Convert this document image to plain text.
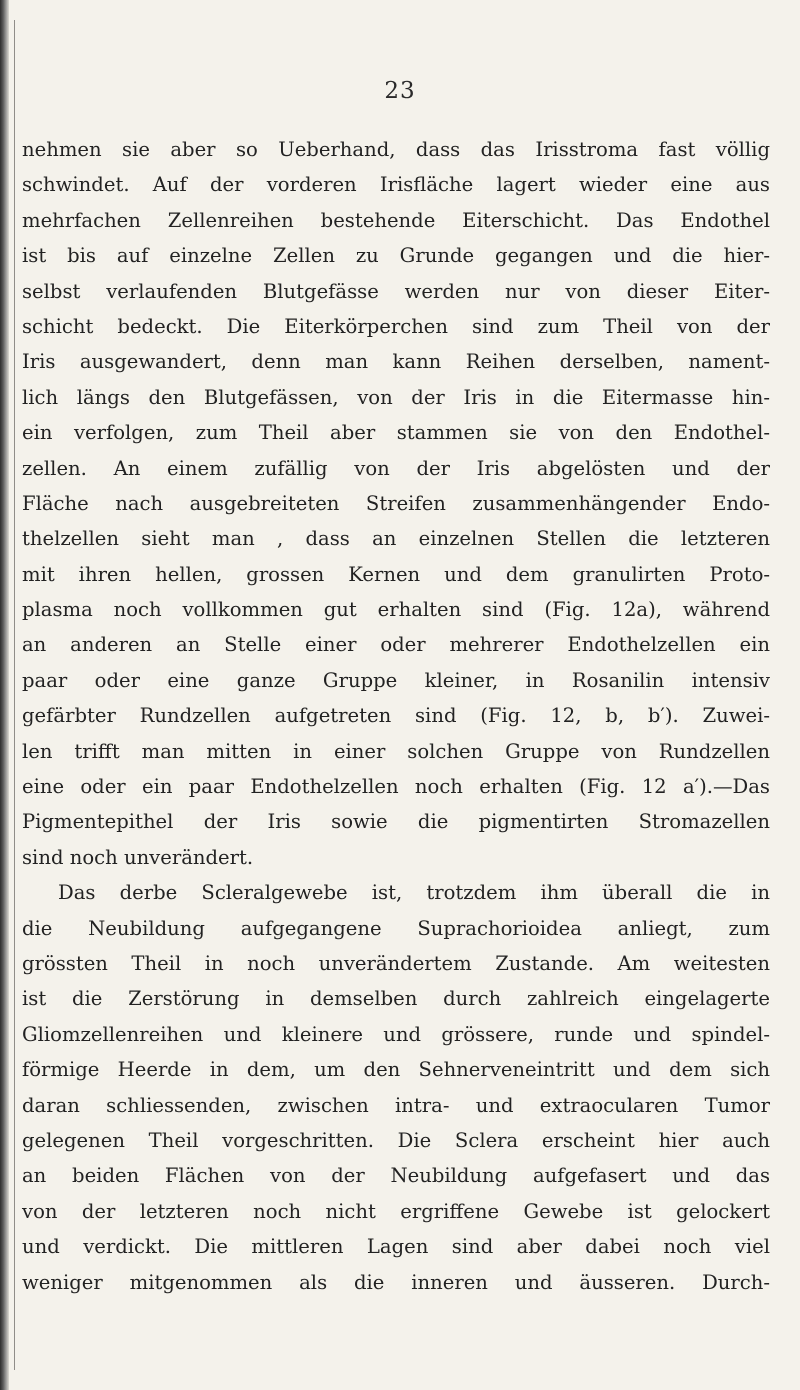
23
nehmen sie aber so Ueberhand, dass das Irisstroma fast völlig
schwindet. Auf der vorderen Irisfläche lagert wieder eine aus
mehrfachen Zellenreihen bestehende Eiterschicht. Das Endothel
ist bis auf einzelne Zellen zu Grunde gegangen und die hier-
selbst verlaufenden Blutgefässe werden nur von dieser Eiter-
schicht bedeckt. Die Eiterkörperchen sind zum Theil von der
Iris ausgewandert, denn man kann Reihen derselben, nament-
lich längs den Blutgefässen, von der Iris in die Eitermasse hin-
ein verfolgen, zum Theil aber stammen sie von den Endothel-
zellen. An einem zufällig von der Iris abgelösten und der
Fläche nach ausgebreiteten Streifen zusammenhängender Endo-
thelzellen sieht man , dass an einzelnen Stellen die letzteren
mit ihren hellen, grossen Kernen und dem granulirten Proto-
plasma noch vollkommen gut erhalten sind (Fig. 12a), während
an anderen an Stelle einer oder mehrerer Endothelzellen ein
paar oder eine ganze Gruppe kleiner, in Rosanilin intensiv
gefärbter Rundzellen aufgetreten sind (Fig. 12, b, b′). Zuwei-
len trifft man mitten in einer solchen Gruppe von Rundzellen
eine oder ein paar Endothelzellen noch erhalten (Fig. 12 a′).—Das
Pigmentepithel der Iris sowie die pigmentirten Stromazellen
sind noch unverändert.
Das derbe Scleralgewebe ist, trotzdem ihm überall die in
die Neubildung aufgegangene Suprachorioidea anliegt, zum
grössten Theil in noch unverändertem Zustande. Am weitesten
ist die Zerstörung in demselben durch zahlreich eingelagerte
Gliomzellenreihen und kleinere und grössere, runde und spindel-
förmige Heerde in dem, um den Sehnerveneintritt und dem sich
daran schliessenden, zwischen intra- und extraocularen Tumor
gelegenen Theil vorgeschritten. Die Sclera erscheint hier auch
an beiden Flächen von der Neubildung aufgefasert und das
von der letzteren noch nicht ergriffene Gewebe ist gelockert
und verdickt. Die mittleren Lagen sind aber dabei noch viel
weniger mitgenommen als die inneren und äusseren. Durch-
